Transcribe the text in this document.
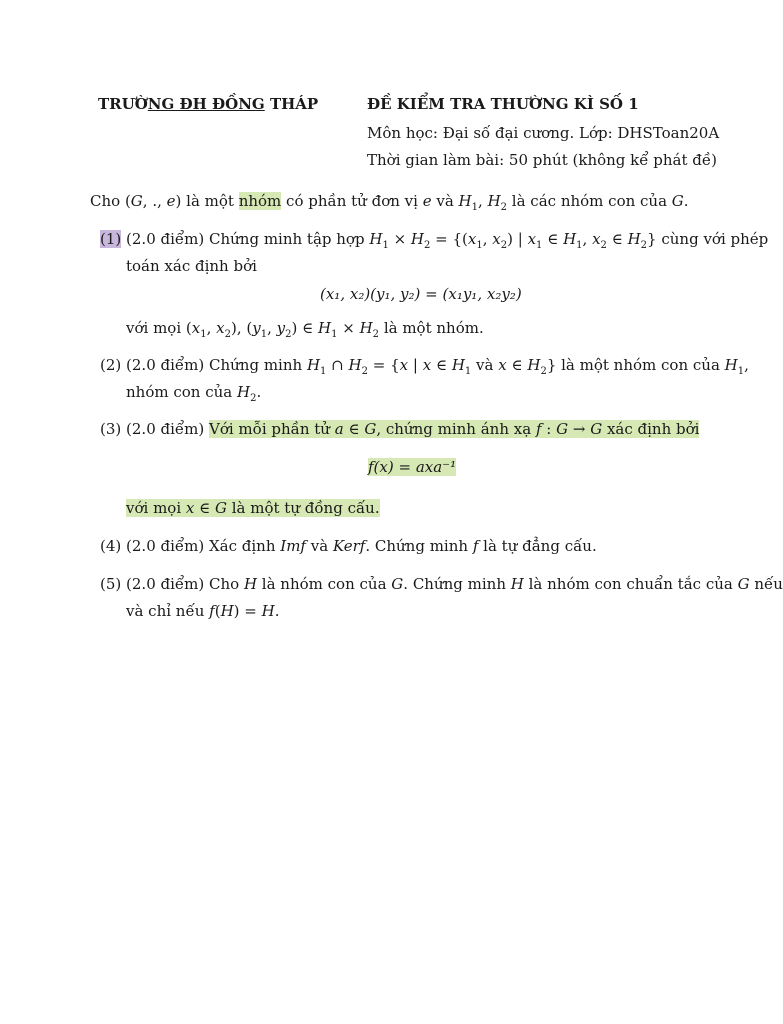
TRƯỜNG ĐH ĐỒNG THÁP	ĐỀ KIỂM TRA THƯỜNG KÌ SỐ 1
Môn học: Đại số đại cương. Lớp: DHSToan20A
Thời gian làm bài: 50 phút (không kể phát đề)
Cho (G, ., e) là một nhóm có phần tử đơn vị e và $H_1$, $H_2$ là các nhóm con của G.
(1) (2.0 điểm) Chứng minh tập hợp $H_1 \times H_2 = \{(x_1$, $x_2$) | $x_1$ ∈ $H_1$, $x_2$ ∈ $H_2$} cùng với phép
toán xác định bởi
(x₁, x₂)(y₁, y₂) = (x₁y₁, x₂y₂)
với mọi ($x_1$, $x_2$), ($y_1$, $y_2$) ∈ $H_1 \times H_2$ là một nhóm.
(2) (2.0 điểm) Chứng minh $H_1$ ∩ $H_2 = \{x$ | x ∈ $H_1$ và x ∈ $H_2$} là một nhóm con của $H_1$,
nhóm con của $H_2$.
(3) (2.0 điểm) Với mỗi phần tử a ∈ G, chứng minh ánh xạ f : G → G xác định bởi
f(x) = axa⁻¹
với mọi x ∈ G là một tự đồng cấu.
(4) (2.0 điểm) Xác định Imf và Kerf. Chứng minh f là tự đẳng cấu.
(5) (2.0 điểm) Cho H là nhóm con của G. Chứng minh H là nhóm con chuẩn tắc của G nếu
và chỉ nếu f(H) = H.
